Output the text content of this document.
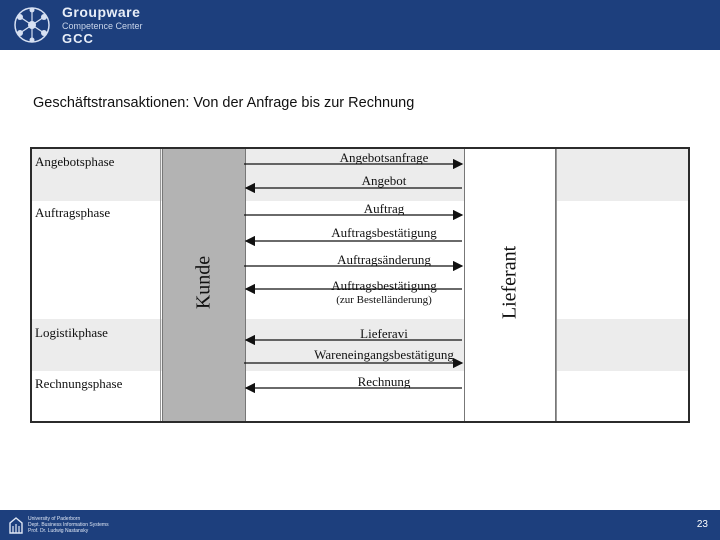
Groupware
Competence Center
GCC
Geschäftstransaktionen: Von der Anfrage bis zur Rechnung
Kunde	Lieferant
Angebotsphase
Auftragsphase
Logistikphase
Rechnungsphase
Angebotsanfrage
Angebot
Auftrag
Auftragsbestätigung
Auftragsänderung
Auftragsbestätigung
(zur Bestelländerung)
Lieferavi
Wareneingangsbestätigung
Rechnung
University of Paderborn
Dept. Business Information Systems
Prof. Dr. Ludwig Nastansky
23
